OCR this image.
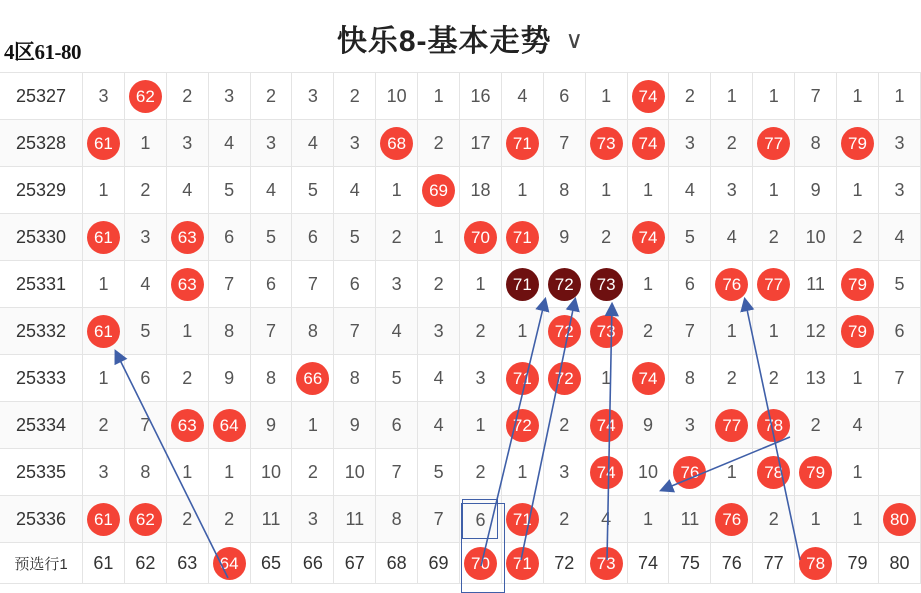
快乐8-基本走势 ∨
4区61-80
25327	3	62	2	3	2	3	2	10	1	16	4	6	1	74	2	1	1	7	1	1
25328	61	1	3	4	3	4	3	68	2	17	71	7	73	74	3	2	77	8	79	3
25329	1	2	4	5	4	5	4	1	69	18	1	8	1	1	4	3	1	9	1	3
25330	61	3	63	6	5	6	5	2	1	70	71	9	2	74	5	4	2	10	2	4
25331	1	4	63	7	6	7	6	3	2	1	71	72	73	1	6	76	77	11	79	5
25332	61	5	1	8	7	8	7	4	3	2	1	72	73	2	7	1	1	12	79	6
25333	1	6	2	9	8	66	8	5	4	3	71	72	1	74	8	2	2	13	1	7
25334	2	7	63	64	9	1	9	6	4	1	72	2	74	9	3	77	78	2	4	
25335	3	8	1	1	10	2	10	7	5	2	1	3	74	10	76	1	78	79	1	
25336	61	62	2	2	11	3	11	8	7	6	71	2	4	1	11	76	2	1	1	80
预选行1	61	62	63	64	65	66	67	68	69	70	71	72	73	74	75	76	77	78	79	80
